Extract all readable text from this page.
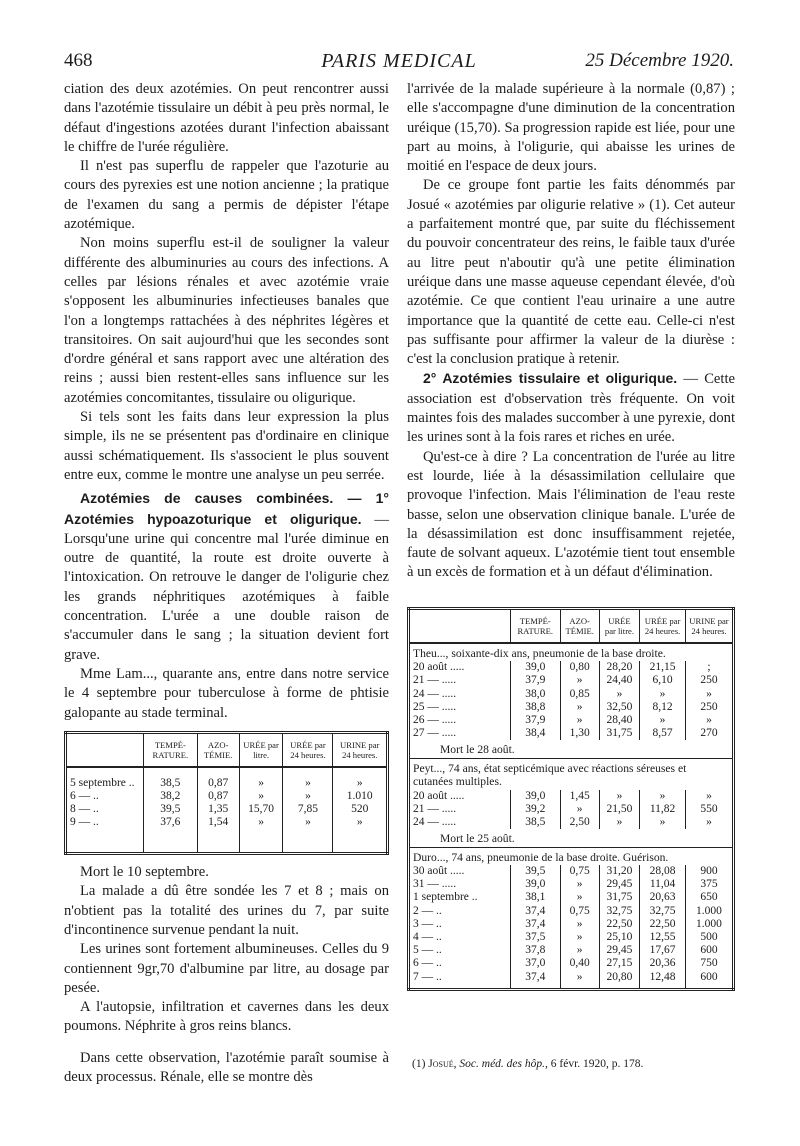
468	PARIS MEDICAL	25 Décembre 1920.

ciation des deux azotémies. On peut rencontrer aussi dans l'azotémie tissulaire un débit à peu près normal, le défaut d'ingestions azotées durant l'infection abaissant le chiffre de l'urée régulière.

Il n'est pas superflu de rappeler que l'azoturie au cours des pyrexies est une notion ancienne ; la pratique de l'examen du sang a permis de dépister l'étape azotémique.

Non moins superflu est-il de souligner la valeur différente des albuminuries au cours des infections. A celles par lésions rénales et avec azotémie vraie s'opposent les albuminuries infectieuses banales que l'on a longtemps rattachées à des néphrites légères et transitoires. On sait aujourd'hui que les secondes sont d'ordre général et sans rapport avec une altération des reins ; aussi bien restent-elles sans influence sur les azotémies concomitantes, tissulaire ou oligurique.

Si tels sont les faits dans leur expression la plus simple, ils ne se présentent pas d'ordinaire en clinique aussi schématiquement. Ils s'associent le plus souvent entre eux, comme le montre une analyse un peu serrée.

Azotémies de causes combinées. — 1° Azotémies hypoazoturique et oligurique. — Lorsqu'une urine qui concentre mal l'urée diminue en outre de quantité, la route est droite ouverte à l'intoxication. On retrouve le danger de l'oligurie chez les grands néphritiques azotémiques à faible concentration. L'urée a une double raison de s'accumuler dans le sang ; la situation devient fort grave.

Mme Lam..., quarante ans, entre dans notre service le 4 septembre pour tuberculose à forme de phtisie galopante au stade terminal.

	TEMPÉ-RATURE.	AZO-TÉMIE.	URÉE par litre.	URÉE par 24 heures.	URINE par 24 heures.

5 septembre ..	38,5	0,87	»	»	»
6 — ..	38,2	0,87	»	»	1.010
8 — ..	39,5	1,35	15,70	7,85	520
9 — ..	37,6	1,54	»	»	»

Mort le 10 septembre.

La malade a dû être sondée les 7 et 8 ; mais on n'obtient pas la totalité des urines du 7, par suite d'incontinence survenue pendant la nuit.

Les urines sont fortement albumineuses. Celles du 9 contiennent 9gr,70 d'albumine par litre, au dosage par pesée.

A l'autopsie, infiltration et cavernes dans les deux poumons. Néphrite à gros reins blancs.

Dans cette observation, l'azotémie paraît soumise à deux processus. Rénale, elle se montre dès

l'arrivée de la malade supérieure à la normale (0,87) ; elle s'accompagne d'une diminution de la concentration uréique (15,70). Sa progression rapide est liée, pour une part au moins, à l'oligurie, qui abaisse les urines de moitié en l'espace de deux jours.

De ce groupe font partie les faits dénommés par Josué « azotémies par oligurie relative » (1). Cet auteur a parfaitement montré que, par suite du fléchissement du pouvoir concentrateur des reins, le faible taux d'urée au litre peut n'aboutir qu'à une petite élimination uréique dans une masse aqueuse cependant élevée, d'où azotémie. Ce que contient l'eau urinaire a une autre importance que la quantité de cette eau. Celle-ci n'est pas suffisante pour affirmer la valeur de la diurèse : c'est la conclusion pratique à retenir.

2° Azotémies tissulaire et oligurique. — Cette association est d'observation très fréquente. On voit maintes fois des malades succomber à une pyrexie, dont les urines sont à la fois rares et riches en urée.

Qu'est-ce à dire ? La concentration de l'urée au litre est lourde, liée à la désassimilation cellulaire que provoque l'infection. Mais l'élimination de l'eau reste basse, selon une observation clinique banale. L'urée de la désassimilation est donc insuffisamment rejetée, faute de solvant aqueux. L'azotémie tient tout ensemble à un excès de formation et à un défaut d'élimination.

	TEMPÉ-RATURE.	AZO-TÉMIE.	URÉE par litre.	URÉE par 24 heures.	URINE par 24 heures.
Theu..., soixante-dix ans, pneumonie de la base droite.					
20 août .....	39,0	0,80	28,20	21,15	;
21 — .....	37,9	»	24,40	6,10	250
24 — .....	38,0	0,85	»	»	»
25 — .....	38,8	»	32,50	8,12	250
26 — .....	37,9	»	28,40	»	»
27 — .....	38,4	1,30	31,75	8,57	270
Mort le 28 août.					
Peyt..., 74 ans, état septicémique avec réactions séreuses et cutanées multiples.					
20 août .....	39,0	1,45	»	»	»
21 — .....	39,2	»	21,50	11,82	550
24 — .....	38,5	2,50	»	»	»
Mort le 25 août.					
Duro..., 74 ans, pneumonie de la base droite. Guérison.					
30 août .....	39,5	0,75	31,20	28,08	900
31 — .....	39,0	»	29,45	11,04	375
1 septembre ..	38,1	»	31,75	20,63	650
2 — ..	37,4	0,75	32,75	32,75	1.000
3 — ..	37,4	»	22,50	22,50	1.000
4 — ..	37,5	»	25,10	12,55	500
5 — ..	37,8	»	29,45	17,67	600
6 — ..	37,0	0,40	27,15	20,36	750
7 — ..	37,4	»	20,80	12,48	600

(1) Josué, Soc. méd. des hôp., 6 févr. 1920, p. 178.
